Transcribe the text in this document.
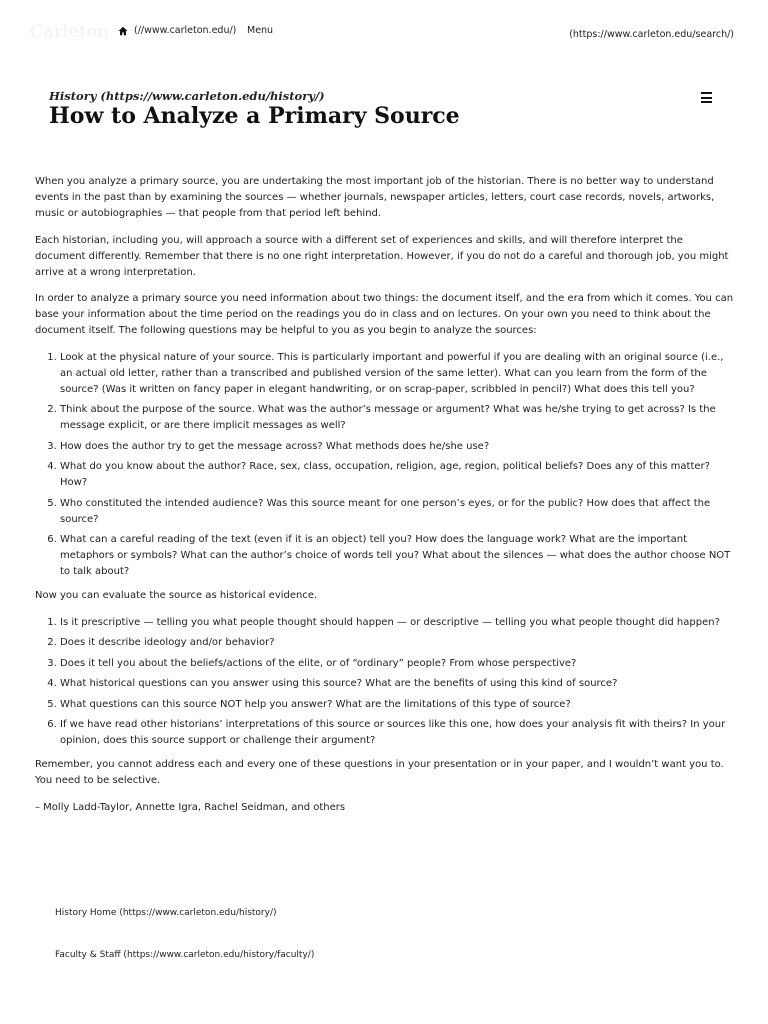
Carleton	(//www.carleton.edu/) Menu	(https://www.carleton.edu/search/)
History (https://www.carleton.edu/history/)
How to Analyze a Primary Source

When you analyze a primary source, you are undertaking the most important job of the historian. There is no better way to understand events in the past than by examining the sources — whether journals, newspaper articles, letters, court case records, novels, artworks, music or autobiographies — that people from that period left behind.

Each historian, including you, will approach a source with a different set of experiences and skills, and will therefore interpret the document differently. Remember that there is no one right interpretation. However, if you do not do a careful and thorough job, you might arrive at a wrong interpretation.

In order to analyze a primary source you need information about two things: the document itself, and the era from which it comes. You can base your information about the time period on the readings you do in class and on lectures. On your own you need to think about the document itself. The following questions may be helpful to you as you begin to analyze the sources:

1. Look at the physical nature of your source. This is particularly important and powerful if you are dealing with an original source (i.e., an actual old letter, rather than a transcribed and published version of the same letter). What can you learn from the form of the source? (Was it written on fancy paper in elegant handwriting, or on scrap-paper, scribbled in pencil?) What does this tell you?
2. Think about the purpose of the source. What was the author’s message or argument? What was he/she trying to get across? Is the message explicit, or are there implicit messages as well?
3. How does the author try to get the message across? What methods does he/she use?
4. What do you know about the author? Race, sex, class, occupation, religion, age, region, political beliefs? Does any of this matter? How?
5. Who constituted the intended audience? Was this source meant for one person’s eyes, or for the public? How does that affect the source?
6. What can a careful reading of the text (even if it is an object) tell you? How does the language work? What are the important metaphors or symbols? What can the author’s choice of words tell you? What about the silences — what does the author choose NOT to talk about?

Now you can evaluate the source as historical evidence.

1. Is it prescriptive — telling you what people thought should happen — or descriptive — telling you what people thought did happen?
2. Does it describe ideology and/or behavior?
3. Does it tell you about the beliefs/actions of the elite, or of “ordinary” people? From whose perspective?
4. What historical questions can you answer using this source? What are the benefits of using this kind of source?
5. What questions can this source NOT help you answer? What are the limitations of this type of source?
6. If we have read other historians’ interpretations of this source or sources like this one, how does your analysis fit with theirs? In your opinion, does this source support or challenge their argument?

Remember, you cannot address each and every one of these questions in your presentation or in your paper, and I wouldn’t want you to. You need to be selective.

– Molly Ladd-Taylor, Annette Igra, Rachel Seidman, and others

History Home (https://www.carleton.edu/history/)
Faculty & Staff (https://www.carleton.edu/history/faculty/)
